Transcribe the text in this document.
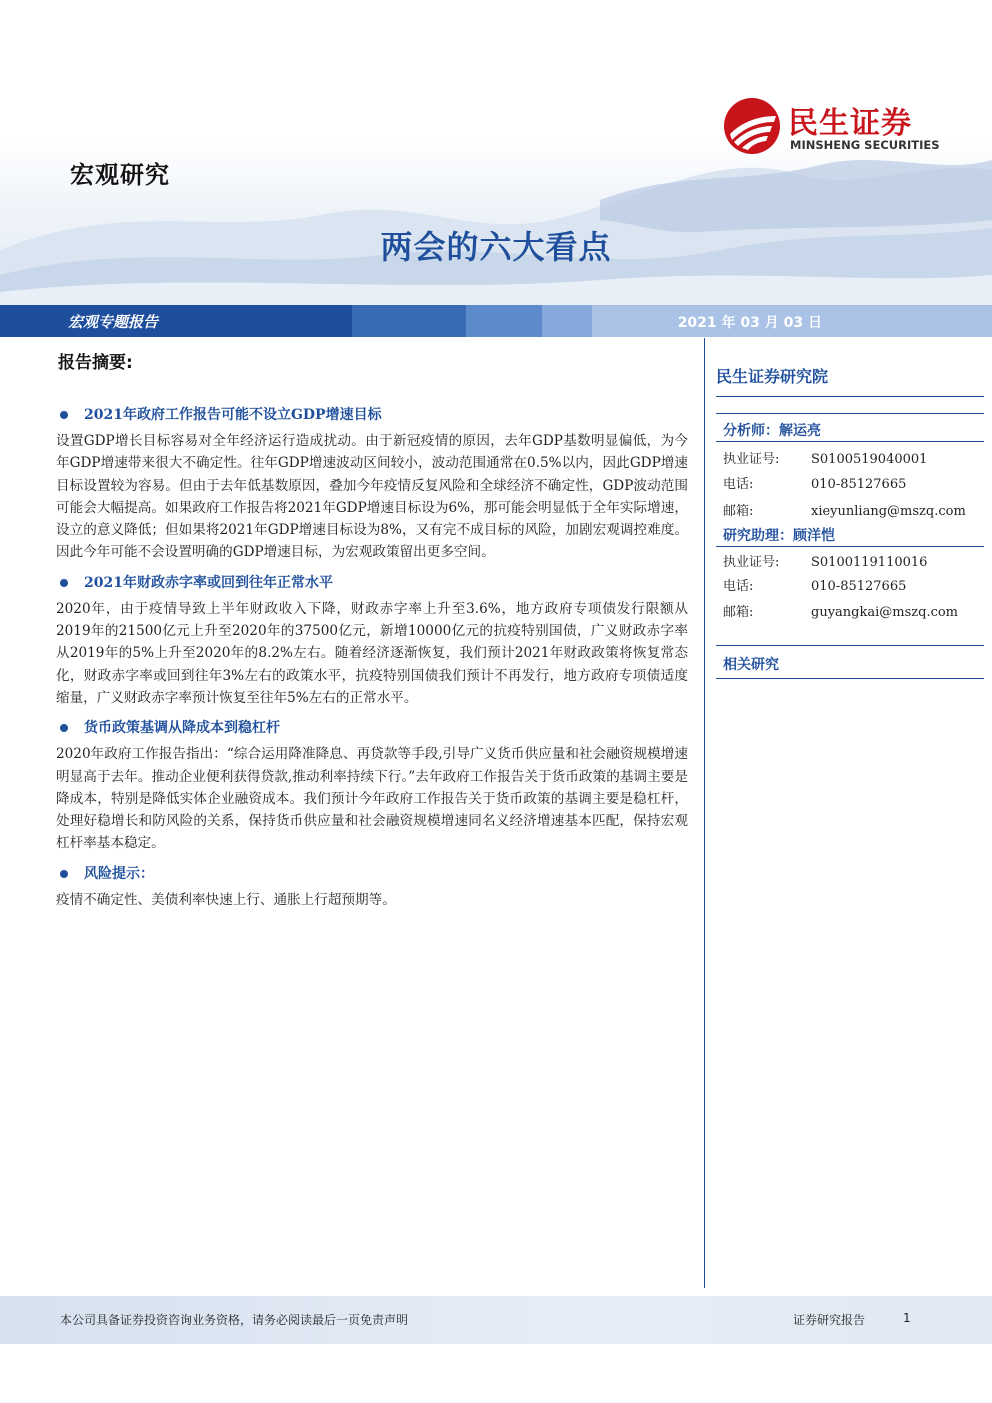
宏观研究
两会的六大看点
民生证券
MINSHENG SECURITIES
宏观专题报告	2021 年 03 月 03 日
报告摘要:
2021年政府工作报告可能不设立GDP增速目标
设置GDP增长目标容易对全年经济运行造成扰动。由于新冠疫情的原因，去年GDP基数明显偏低，为今年GDP增速带来很大不确定性。往年GDP增速波动区间较小，波动范围通常在0.5%以内，因此GDP增速目标设置较为容易。但由于去年低基数原因，叠加今年疫情反复风险和全球经济不确定性，GDP波动范围可能会大幅提高。如果政府工作报告将2021年GDP增速目标设为6%，那可能会明显低于全年实际增速，设立的意义降低；但如果将2021年GDP增速目标设为8%，又有完不成目标的风险，加剧宏观调控难度。因此今年可能不会设置明确的GDP增速目标，为宏观政策留出更多空间。
2021年财政赤字率或回到往年正常水平
2020年，由于疫情导致上半年财政收入下降，财政赤字率上升至3.6%，地方政府专项债发行限额从2019年的21500亿元上升至2020年的37500亿元，新增10000亿元的抗疫特别国债，广义财政赤字率从2019年的5%上升至2020年的8.2%左右。随着经济逐渐恢复，我们预计2021年财政政策将恢复常态化，财政赤字率或回到往年3%左右的政策水平，抗疫特别国债我们预计不再发行，地方政府专项债适度缩量，广义财政赤字率预计恢复至往年5%左右的正常水平。
货币政策基调从降成本到稳杠杆
2020年政府工作报告指出：“综合运用降准降息、再贷款等手段,引导广义货币供应量和社会融资规模增速明显高于去年。推动企业便利获得贷款,推动利率持续下行。”去年政府工作报告关于货币政策的基调主要是降成本，特别是降低实体企业融资成本。我们预计今年政府工作报告关于货币政策的基调主要是稳杠杆，处理好稳增长和防风险的关系，保持货币供应量和社会融资规模增速同名义经济增速基本匹配，保持宏观杠杆率基本稳定。
风险提示：
疫情不确定性、美债利率快速上行、通胀上行超预期等。
民生证券研究院
分析师：解运亮
执业证号: S0100519040001
电话:	010-85127665
邮箱:	xieyunliang@mszq.com
研究助理：顾洋恺
执业证号: S0100119110016
电话:	010-85127665
邮箱:	guyangkai@mszq.com
相关研究
本公司具备证券投资咨询业务资格，请务必阅读最后一页免责声明	证券研究报告	1
